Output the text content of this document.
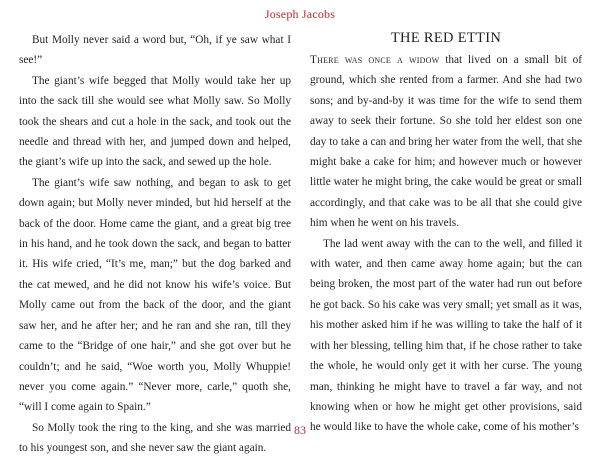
Joseph Jacobs

But Molly never said a word but, “Oh, if ye saw what I see!”

The giant’s wife begged that Molly would take her up into the sack till she would see what Molly saw. So Molly took the shears and cut a hole in the sack, and took out the needle and thread with her, and jumped down and helped, the giant’s wife up into the sack, and sewed up the hole.

The giant’s wife saw nothing, and began to ask to get down again; but Molly never minded, but hid herself at the back of the door. Home came the giant, and a great big tree in his hand, and he took down the sack, and began to batter it. His wife cried, “It’s me, man;” but the dog barked and the cat mewed, and he did not know his wife’s voice. But Molly came out from the back of the door, and the giant saw her, and he after her; and he ran and she ran, till they came to the “Bridge of one hair,” and she got over but he couldn’t; and he said, “Woe worth you, Molly Whuppie! never you come again.” “Never more, carle,” quoth she, “will I come again to Spain.”

So Molly took the ring to the king, and she was married to his youngest son, and she never saw the giant again.

THE RED ETTIN

There was once a widow that lived on a small bit of ground, which she rented from a farmer. And she had two sons; and by-and-by it was time for the wife to send them away to seek their fortune. So she told her eldest son one day to take a can and bring her water from the well, that she might bake a cake for him; and however much or however little water he might bring, the cake would be great or small accordingly, and that cake was to be all that she could give him when he went on his travels.

The lad went away with the can to the well, and filled it with water, and then came away home again; but the can being broken, the most part of the water had run out before he got back. So his cake was very small; yet small as it was, his mother asked him if he was willing to take the half of it with her blessing, telling him that, if he chose rather to take the whole, he would only get it with her curse. The young man, thinking he might have to travel a far way, and not knowing when or how he might get other provisions, said he would like to have the whole cake, come of his mother’s

83
